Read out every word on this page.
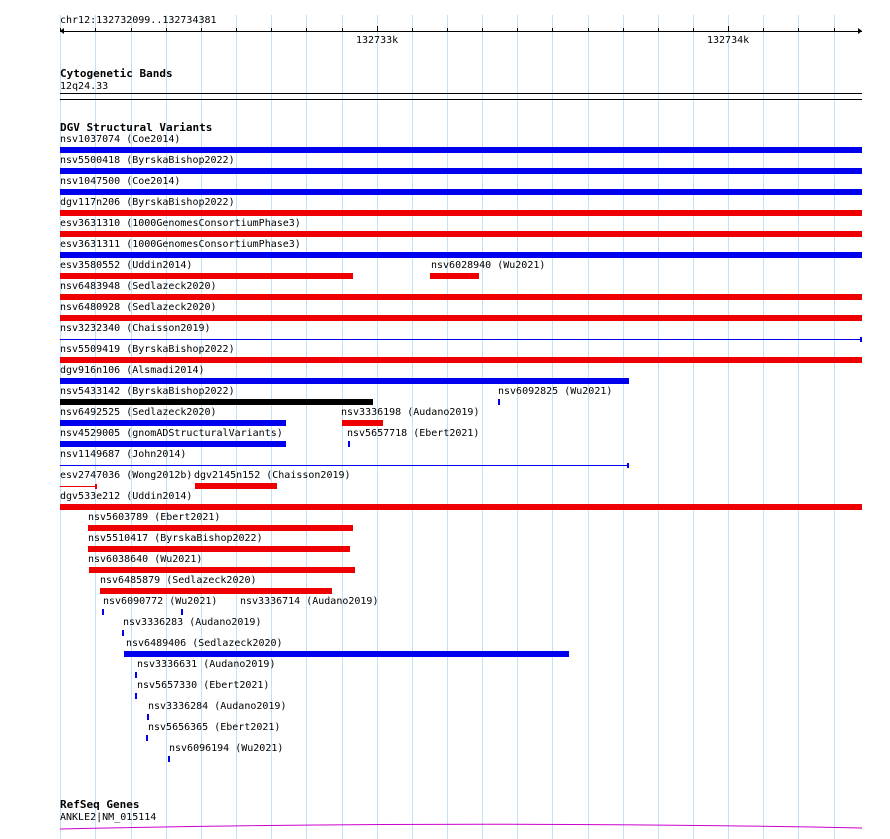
chr12:132732099..132734381
132733k	132734k
Cytogenetic Bands
12q24.33
DGV Structural Variants
nsv1037074 (Coe2014)
nsv5500418 (ByrskaBishop2022)
nsv1047500 (Coe2014)
dgv117n206 (ByrskaBishop2022)
esv3631310 (1000GenomesConsortiumPhase3)
esv3631311 (1000GenomesConsortiumPhase3)
esv3580552 (Uddin2014)	nsv6028940 (Wu2021)
nsv6483948 (Sedlazeck2020)
nsv6480928 (Sedlazeck2020)
nsv3232340 (Chaisson2019)
nsv5509419 (ByrskaBishop2022)
dgv916n106 (Alsmadi2014)
nsv5433142 (ByrskaBishop2022)	nsv6092825 (Wu2021)
nsv6492525 (Sedlazeck2020)	nsv3336198 (Audano2019)
nsv4529005 (gnomADStructuralVariants)	nsv5657718 (Ebert2021)
nsv1149687 (John2014)
esv2747036 (Wong2012b) dgv2145n152 (Chaisson2019)
dgv533e212 (Uddin2014)
nsv5603789 (Ebert2021)
nsv5510417 (ByrskaBishop2022)
nsv6038640 (Wu2021)
nsv6485879 (Sedlazeck2020)
nsv6090772 (Wu2021) nsv3336714 (Audano2019)
nsv3336283 (Audano2019)
nsv6489406 (Sedlazeck2020)
nsv3336631 (Audano2019)
nsv5657330 (Ebert2021)
nsv3336284 (Audano2019)
nsv5656365 (Ebert2021)
nsv6096194 (Wu2021)
RefSeq Genes
ANKLE2|NM_015114
